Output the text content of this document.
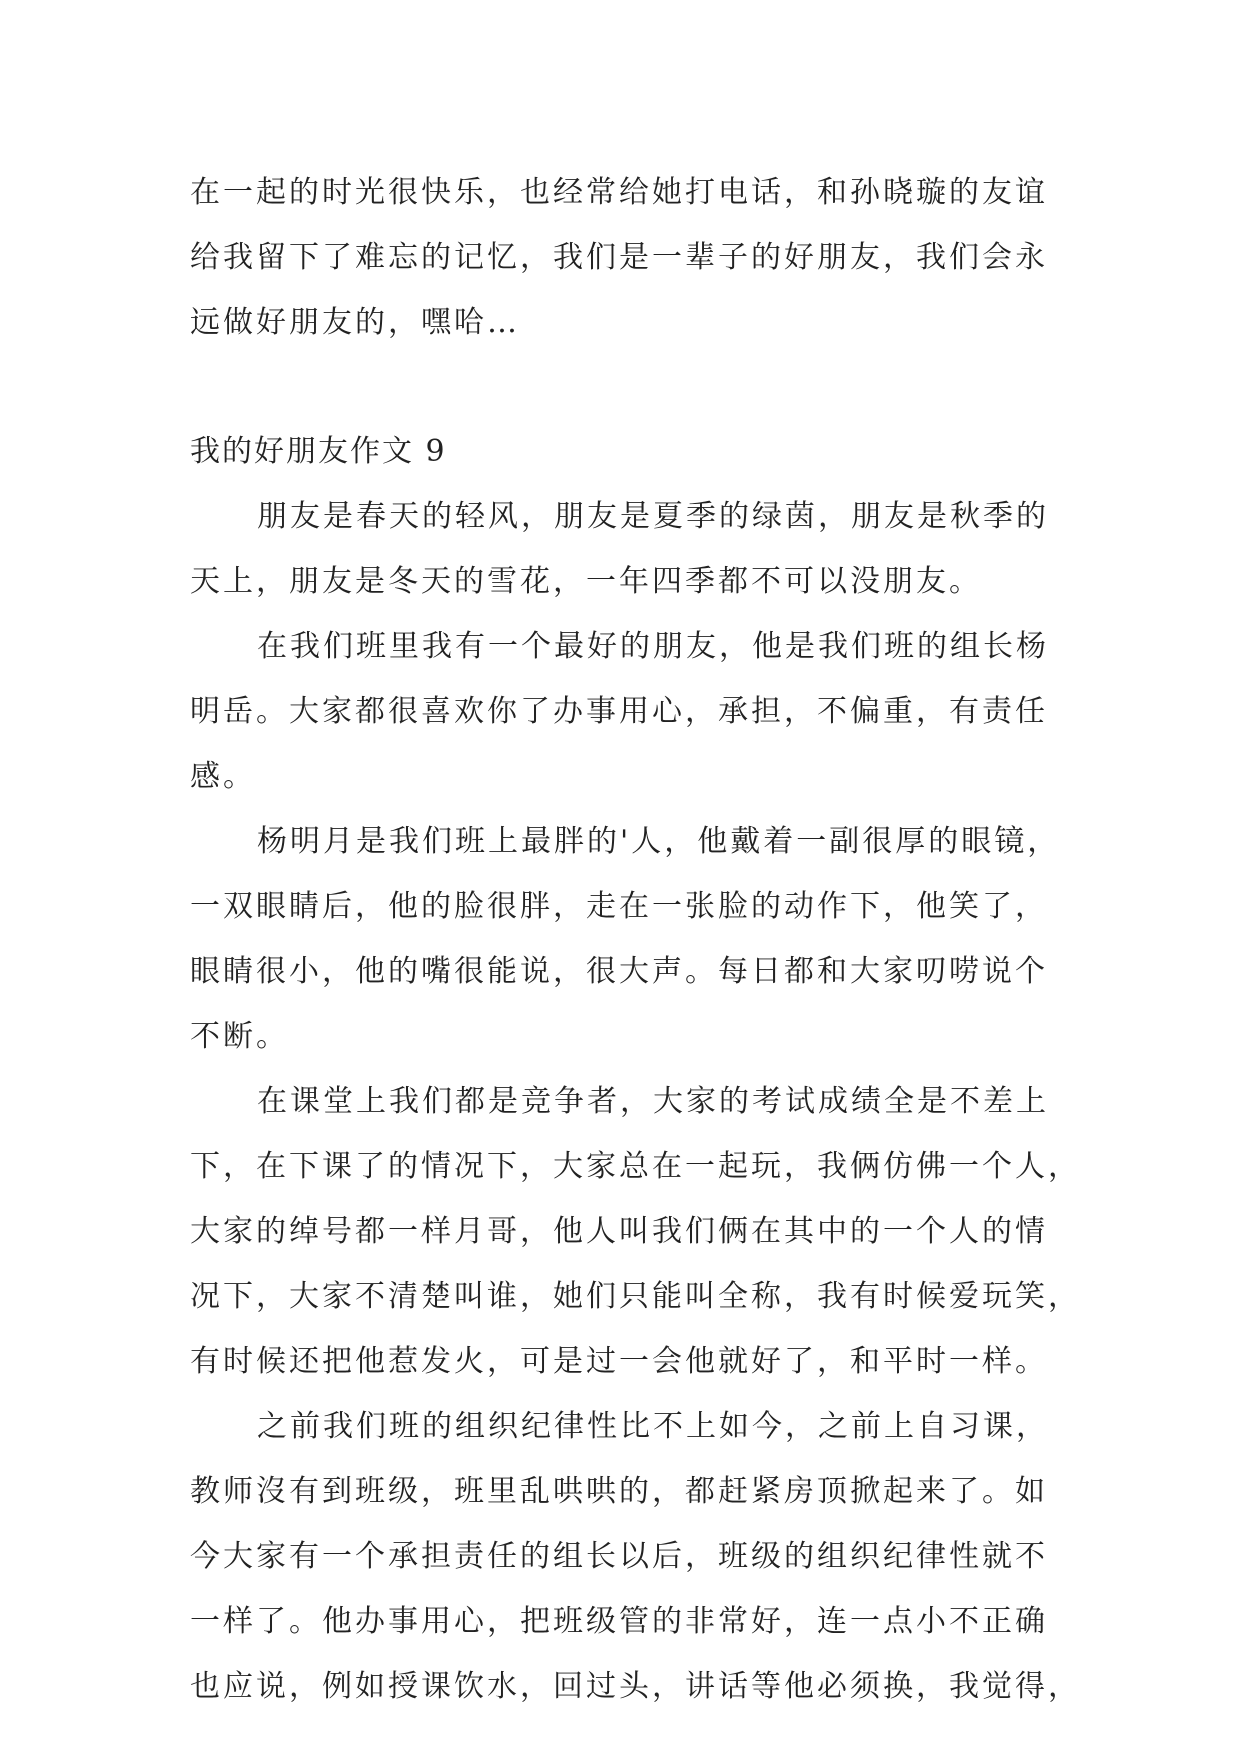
在一起的时光很快乐，也经常给她打电话，和孙晓璇的友谊

给我留下了难忘的记忆，我们是一辈子的好朋友，我们会永

远做好朋友的，嘿哈…

我的好朋友作文 9

朋友是春天的轻风，朋友是夏季的绿茵，朋友是秋季的

天上，朋友是冬天的雪花，一年四季都不可以没朋友。

在我们班里我有一个最好的朋友，他是我们班的组长杨

明岳。大家都很喜欢你了办事用心，承担，不偏重，有责任

感。

杨明月是我们班上最胖的'人，他戴着一副很厚的眼镜，

一双眼睛后，他的脸很胖，走在一张脸的动作下，他笑了，

眼睛很小，他的嘴很能说，很大声。每日都和大家叨唠说个

不断。

在课堂上我们都是竞争者，大家的考试成绩全是不差上

下，在下课了的情况下，大家总在一起玩，我俩仿佛一个人，

大家的绰号都一样月哥，他人叫我们俩在其中的一个人的情

况下，大家不清楚叫谁，她们只能叫全称，我有时候爱玩笑，

有时候还把他惹发火，可是过一会他就好了，和平时一样。

之前我们班的组织纪律性比不上如今，之前上自习课，

教师沒有到班级，班里乱哄哄的，都赶紧房顶掀起来了。如

今大家有一个承担责任的组长以后，班级的组织纪律性就不

一样了。他办事用心，把班级管的非常好，连一点小不正确

也应说，例如授课饮水，回过头，讲话等他必须换，我觉得，
